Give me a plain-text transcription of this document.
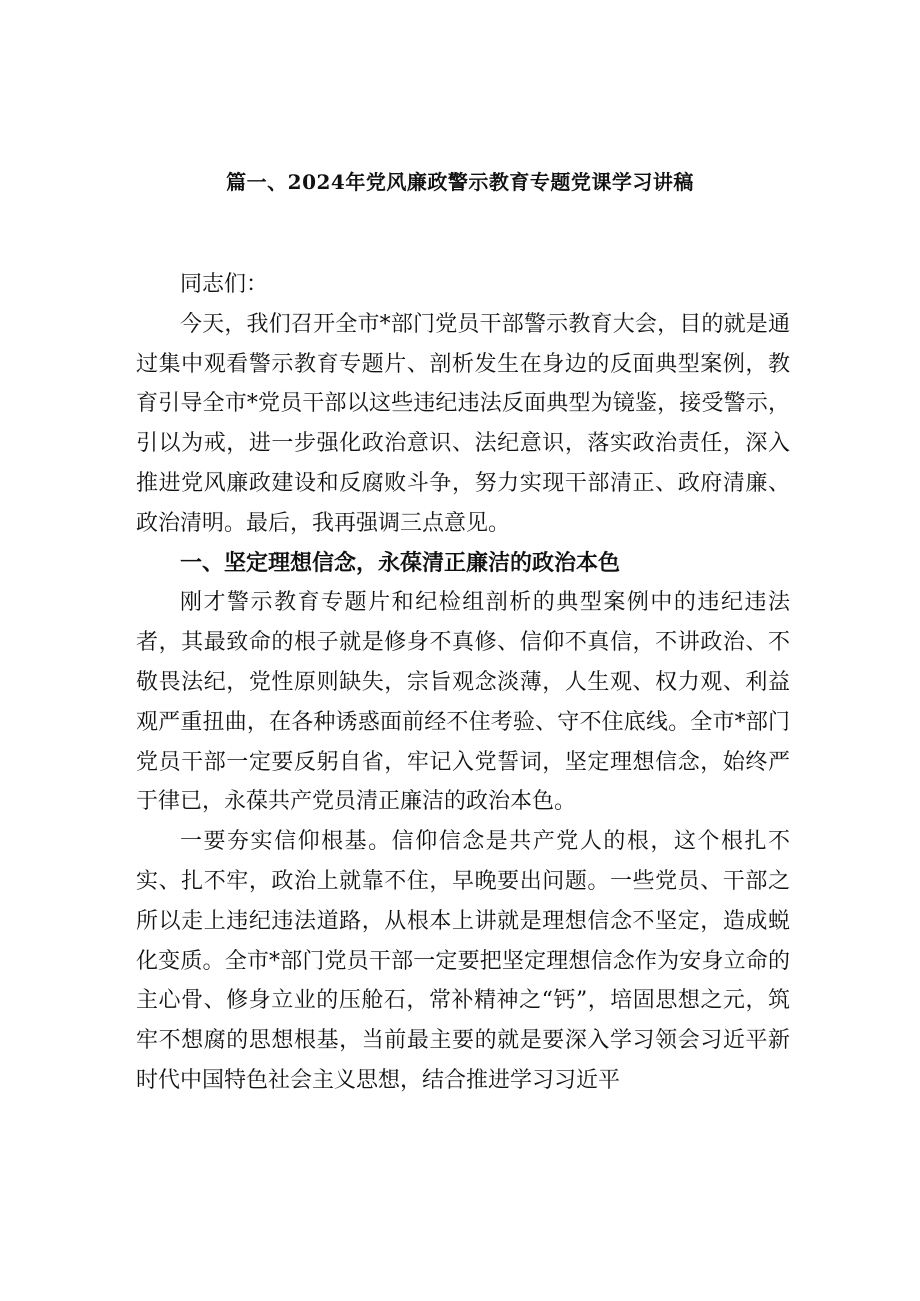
篇一、2024年党风廉政警示教育专题党课学习讲稿

同志们：

今天，我们召开全市*部门党员干部警示教育大会，目的就是通过集中观看警示教育专题片、剖析发生在身边的反面典型案例，教育引导全市*党员干部以这些违纪违法反面典型为镜鉴，接受警示，引以为戒，进一步强化政治意识、法纪意识，落实政治责任，深入推进党风廉政建设和反腐败斗争，努力实现干部清正、政府清廉、政治清明。最后，我再强调三点意见。

一、坚定理想信念，永葆清正廉洁的政治本色

刚才警示教育专题片和纪检组剖析的典型案例中的违纪违法者，其最致命的根子就是修身不真修、信仰不真信，不讲政治、不敬畏法纪，党性原则缺失，宗旨观念淡薄，人生观、权力观、利益观严重扭曲，在各种诱惑面前经不住考验、守不住底线。全市*部门党员干部一定要反躬自省，牢记入党誓词，坚定理想信念，始终严于律已，永葆共产党员清正廉洁的政治本色。

一要夯实信仰根基。信仰信念是共产党人的根，这个根扎不实、扎不牢，政治上就靠不住，早晚要出问题。一些党员、干部之所以走上违纪违法道路，从根本上讲就是理想信念不坚定，造成蜕化变质。全市*部门党员干部一定要把坚定理想信念作为安身立命的主心骨、修身立业的压舱石，常补精神之“钙”，培固思想之元，筑牢不想腐的思想根基，当前最主要的就是要深入学习领会习近平新时代中国特色社会主义思想，结合推进学习习近平
